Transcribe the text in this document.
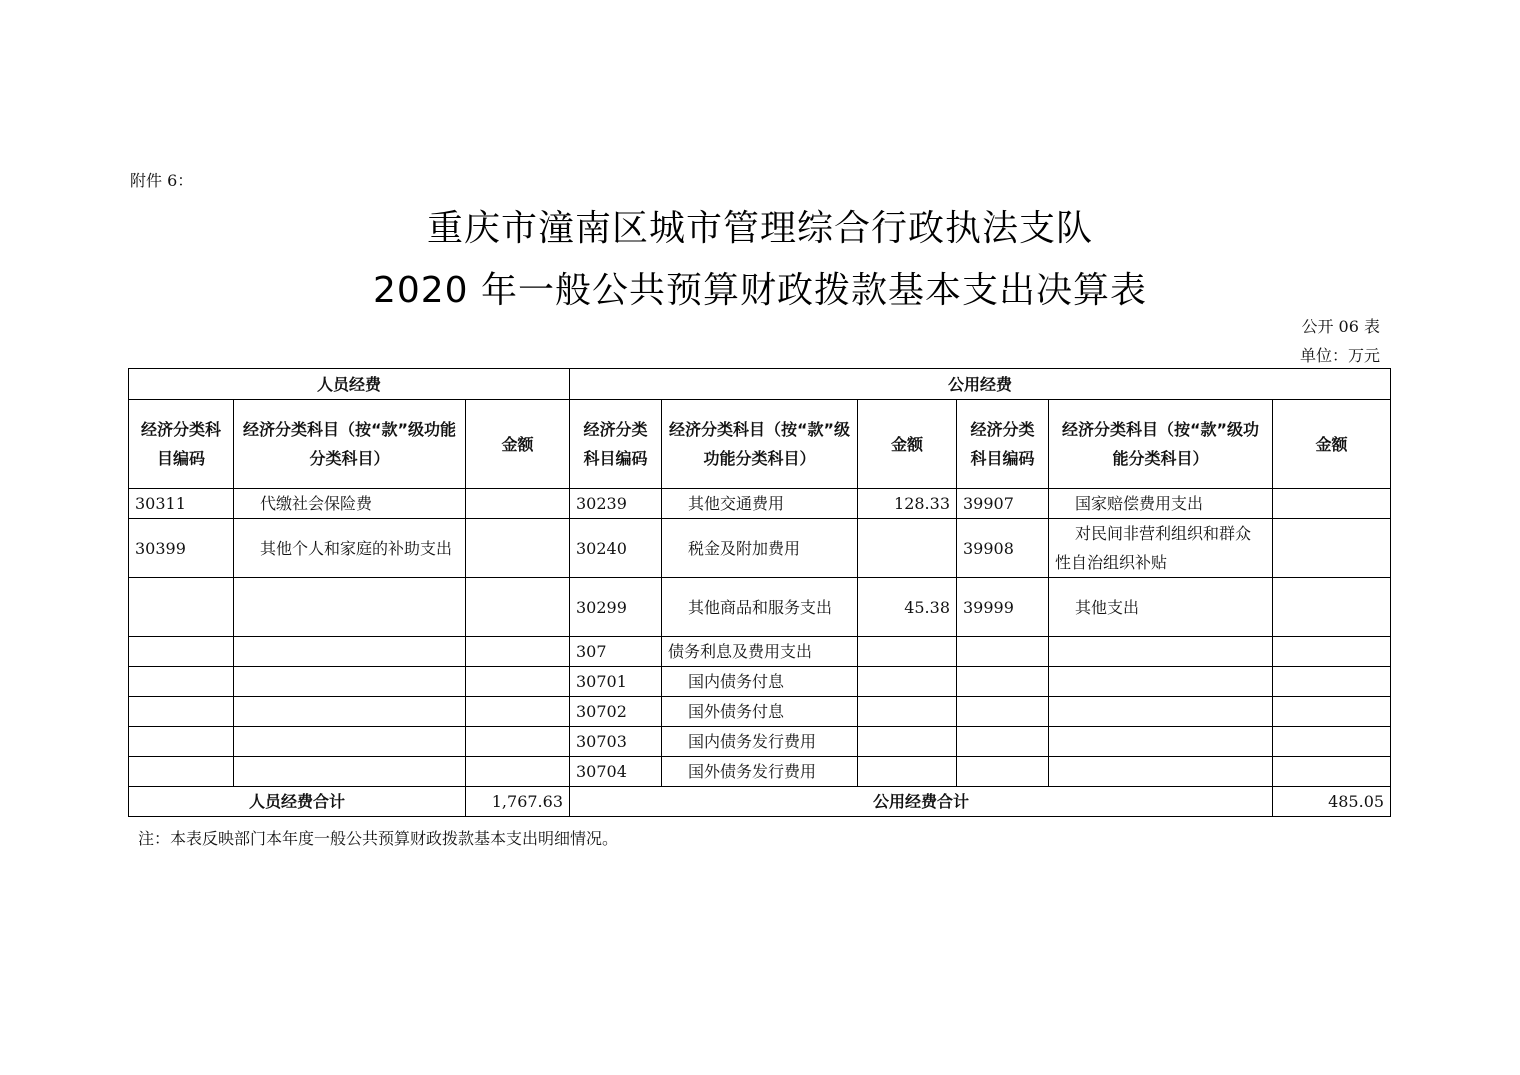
附件 6：
重庆市潼南区城市管理综合行政执法支队
2020 年一般公共预算财政拨款基本支出决算表
公开 06 表
单位：万元
人员经费			公用经费					
经济分类科目编码	经济分类科目（按“款”级功能分类科目）	金额	经济分类科目编码	经济分类科目（按“款”级功能分类科目）	金额	经济分类科目编码	经济分类科目（按“款”级功能分类科目）	金额
30311	代缴社会保险费		30239	其他交通费用	128.33	39907	国家赔偿费用支出	
30399	其他个人和家庭的补助支出		30240	税金及附加费用		39908	对民间非营利组织和群众性自治组织补贴	
			30299	其他商品和服务支出	45.38	39999	其他支出	
			307	债务利息及费用支出				
			30701	国内债务付息				
			30702	国外债务付息				
			30703	国内债务发行费用				
			30704	国外债务发行费用				
人员经费合计		1,767.63	公用经费合计					485.05
注：本表反映部门本年度一般公共预算财政拨款基本支出明细情况。
